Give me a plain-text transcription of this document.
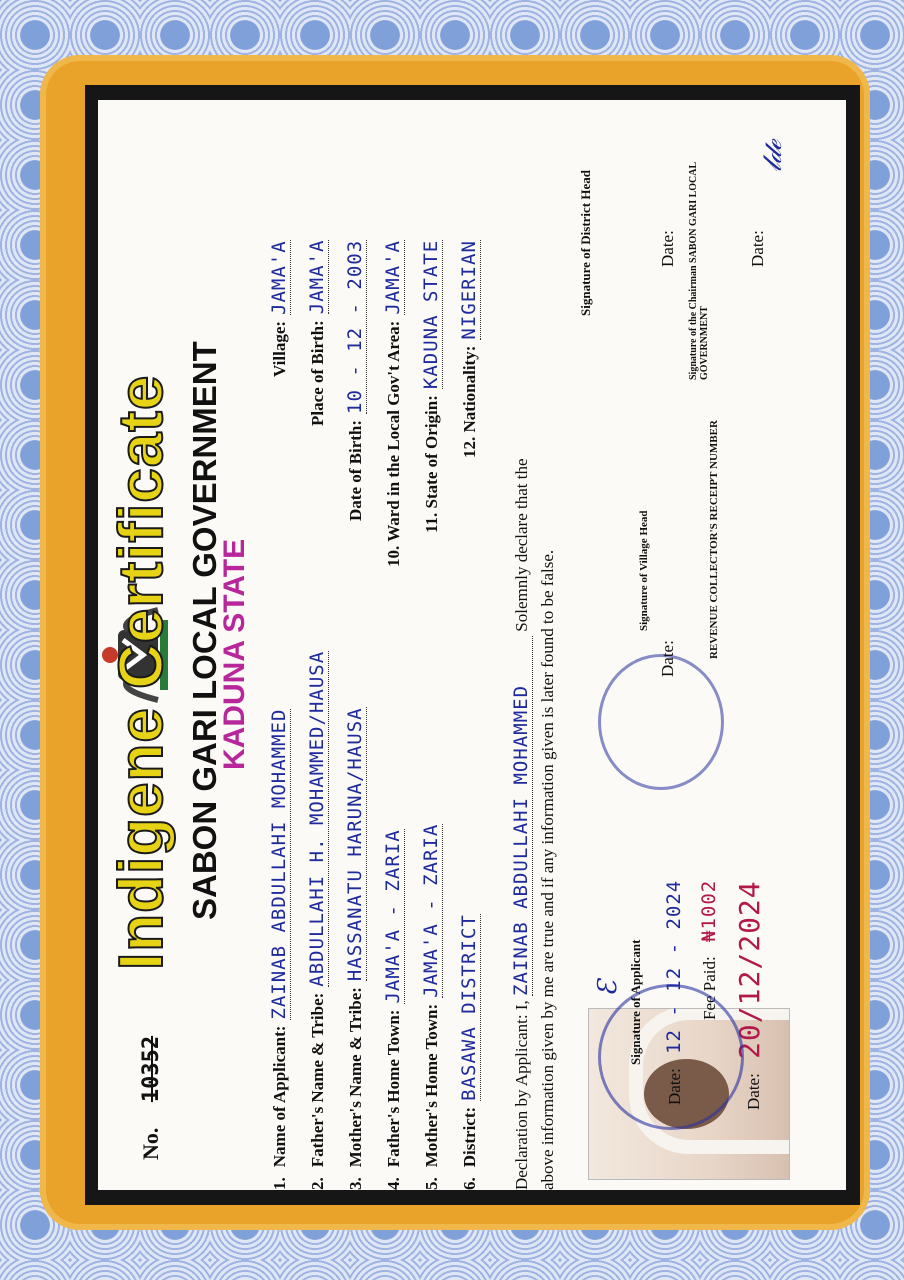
No. 10352
Indigene Certificate SABON GARI LOCAL GOVERNMENT
KADUNA STATE
1.Name of Applicant:ZAINAB ABDULLAHI MOHAMMED
Village:JAMA'A
2.Father's Name & Tribe:ABDULLAHI H. MOHAMMED/HAUSA
Place of Birth:JAMA'A
3.Mother's Name & Tribe:HASSANATU HARUNA/HAUSA
Date of Birth:10 - 12 - 2003
4.Father's Home Town:JAMA'A - ZARIA
10. Ward in the Local Gov't Area:JAMA'A
5.Mother's Home Town:JAMA'A - ZARIA
11. State of Origin:KADUNA STATE
6.District:BASAWA DISTRICT
12. Nationality:NIGERIAN
Declaration by Applicant: I, ZAINAB ABDULLAHI MOHAMMED Solemnly declare that the
above information given by me are true and if any information given is later found to be false.	Signature of Applicant
Ɛ
Date: 12 - 12 - 2024 Fee Paid: ₦1002
Date: 20/12/2024
Signature of Village Head
Date:	REVENUE COLLECTOR'S RECEIPT NUMBER
Signature of District Head	Date: Signature of the Chairman SABON GARI LOCAL GOVERNMENT
Date:
𝓁𝒹ℯ
